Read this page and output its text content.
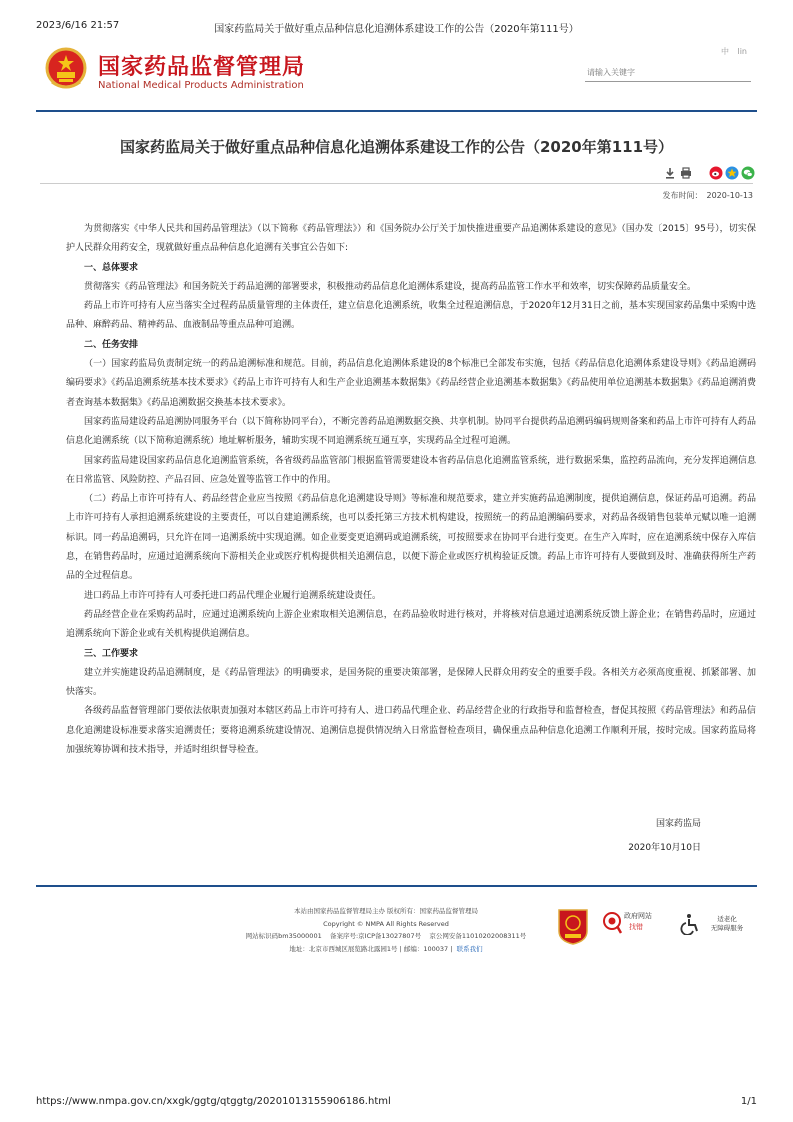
2023/6/16 21:57	国家药监局关于做好重点品种信息化追溯体系建设工作的公告（2020年第111号）
国家药品监督管理局
National Medical Products Administration
中 lin
请输入关键字
国家药监局关于做好重点品种信息化追溯体系建设工作的公告（2020年第111号）
发布时间： 2020-10-13

为贯彻落实《中华人民共和国药品管理法》（以下简称《药品管理法》）和《国务院办公厅关于加快推进重要产品追溯体系建设的意见》（国办发〔2015〕95号），切实保护人民群众用药安全，现就做好重点品种信息化追溯有关事宜公告如下:

一、总体要求

贯彻落实《药品管理法》和国务院关于药品追溯的部署要求，积极推动药品信息化追溯体系建设，提高药品监管工作水平和效率，切实保障药品质量安全。

药品上市许可持有人应当落实全过程药品质量管理的主体责任，建立信息化追溯系统，收集全过程追溯信息，于2020年12月31日之前，基本实现国家药品集中采购中选品种、麻醉药品、精神药品、血液制品等重点品种可追溯。

二、任务安排

（一）国家药监局负责制定统一的药品追溯标准和规范。目前，药品信息化追溯体系建设的8个标准已全部发布实施，包括《药品信息化追溯体系建设导则》《药品追溯码编码要求》《药品追溯系统基本技术要求》《药品上市许可持有人和生产企业追溯基本数据集》《药品经营企业追溯基本数据集》《药品使用单位追溯基本数据集》《药品追溯消费者查询基本数据集》《药品追溯数据交换基本技术要求》。

国家药监局建设药品追溯协同服务平台（以下简称协同平台），不断完善药品追溯数据交换、共享机制。协同平台提供药品追溯码编码规则备案和药品上市许可持有人药品信息化追溯系统（以下简称追溯系统）地址解析服务，辅助实现不同追溯系统互通互享，实现药品全过程可追溯。

国家药监局建设国家药品信息化追溯监管系统，各省级药品监管部门根据监管需要建设本省药品信息化追溯监管系统，进行数据采集，监控药品流向，充分发挥追溯信息在日常监管、风险防控、产品召回、应急处置等监管工作中的作用。

（二）药品上市许可持有人、药品经营企业应当按照《药品信息化追溯建设导则》等标准和规范要求，建立并实施药品追溯制度，提供追溯信息，保证药品可追溯。药品上市许可持有人承担追溯系统建设的主要责任，可以自建追溯系统，也可以委托第三方技术机构建设，按照统一的药品追溯编码要求，对药品各级销售包装单元赋以唯一追溯标识。同一药品追溯码，只允许在同一追溯系统中实现追溯。如企业要变更追溯码或追溯系统，可按照要求在协同平台进行变更。在生产入库时，应在追溯系统中保存入库信息，在销售药品时，应通过追溯系统向下游相关企业或医疗机构提供相关追溯信息，以便下游企业或医疗机构验证反馈。药品上市许可持有人要做到及时、准确获得所生产药品的全过程信息。

进口药品上市许可持有人可委托进口药品代理企业履行追溯系统建设责任。

药品经营企业在采购药品时，应通过追溯系统向上游企业索取相关追溯信息，在药品验收时进行核对，并将核对信息通过追溯系统反馈上游企业；在销售药品时，应通过追溯系统向下游企业或有关机构提供追溯信息。

三、工作要求

建立并实施建设药品追溯制度，是《药品管理法》的明确要求，是国务院的重要决策部署，是保障人民群众用药安全的重要手段。各相关方必须高度重视、抓紧部署、加快落实。

各级药品监督管理部门要依法依职责加强对本辖区药品上市许可持有人、进口药品代理企业、药品经营企业的行政指导和监督检查，督促其按照《药品管理法》和药品信息化追溯建设标准要求落实追溯责任；要将追溯系统建设情况、追溯信息提供情况纳入日常监督检查项目，确保重点品种信息化追溯工作顺利开展，按时完成。国家药监局将加强统筹协调和技术指导，并适时组织督导检查。

国家药监局
2020年10月10日
本站由国家药品监督管理局主办 版权所有：国家药品监督管理局
Copyright © NMPA All Rights Reserved
网站标识码bm35000001 备案序号:京ICP备13027807号 京公网安备11010202008311号
地址：北京市西城区展览路北露园1号 | 邮编：100037 | 联系我们
政府网站
找错
适老化
无障碍服务
https://www.nmpa.gov.cn/xxgk/ggtg/qtggtg/20201013155906186.html	1/1
